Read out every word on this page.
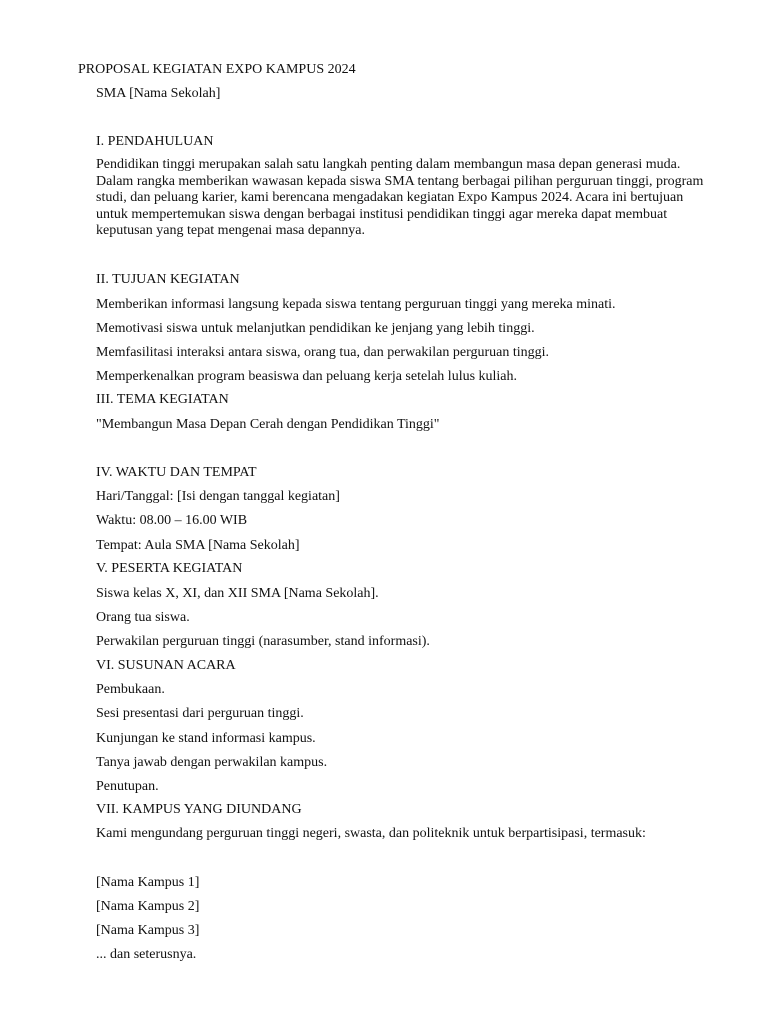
PROPOSAL KEGIATAN EXPO KAMPUS 2024

SMA [Nama Sekolah]

I. PENDAHULUAN

Pendidikan tinggi merupakan salah satu langkah penting dalam membangun masa depan generasi muda. Dalam rangka memberikan wawasan kepada siswa SMA tentang berbagai pilihan perguruan tinggi, program studi, dan peluang karier, kami berencana mengadakan kegiatan Expo Kampus 2024. Acara ini bertujuan untuk mempertemukan siswa dengan berbagai institusi pendidikan tinggi agar mereka dapat membuat keputusan yang tepat mengenai masa depannya.

II. TUJUAN KEGIATAN

Memberikan informasi langsung kepada siswa tentang perguruan tinggi yang mereka minati.

Memotivasi siswa untuk melanjutkan pendidikan ke jenjang yang lebih tinggi.

Memfasilitasi interaksi antara siswa, orang tua, dan perwakilan perguruan tinggi.

Memperkenalkan program beasiswa dan peluang kerja setelah lulus kuliah.

III. TEMA KEGIATAN

"Membangun Masa Depan Cerah dengan Pendidikan Tinggi"

IV. WAKTU DAN TEMPAT

Hari/Tanggal: [Isi dengan tanggal kegiatan]

Waktu: 08.00 – 16.00 WIB

Tempat: Aula SMA [Nama Sekolah]

V. PESERTA KEGIATAN

Siswa kelas X, XI, dan XII SMA [Nama Sekolah].

Orang tua siswa.

Perwakilan perguruan tinggi (narasumber, stand informasi).

VI. SUSUNAN ACARA

Pembukaan.

Sesi presentasi dari perguruan tinggi.

Kunjungan ke stand informasi kampus.

Tanya jawab dengan perwakilan kampus.

Penutupan.

VII. KAMPUS YANG DIUNDANG

Kami mengundang perguruan tinggi negeri, swasta, dan politeknik untuk berpartisipasi, termasuk:

[Nama Kampus 1]

[Nama Kampus 2]

[Nama Kampus 3]

... dan seterusnya.
